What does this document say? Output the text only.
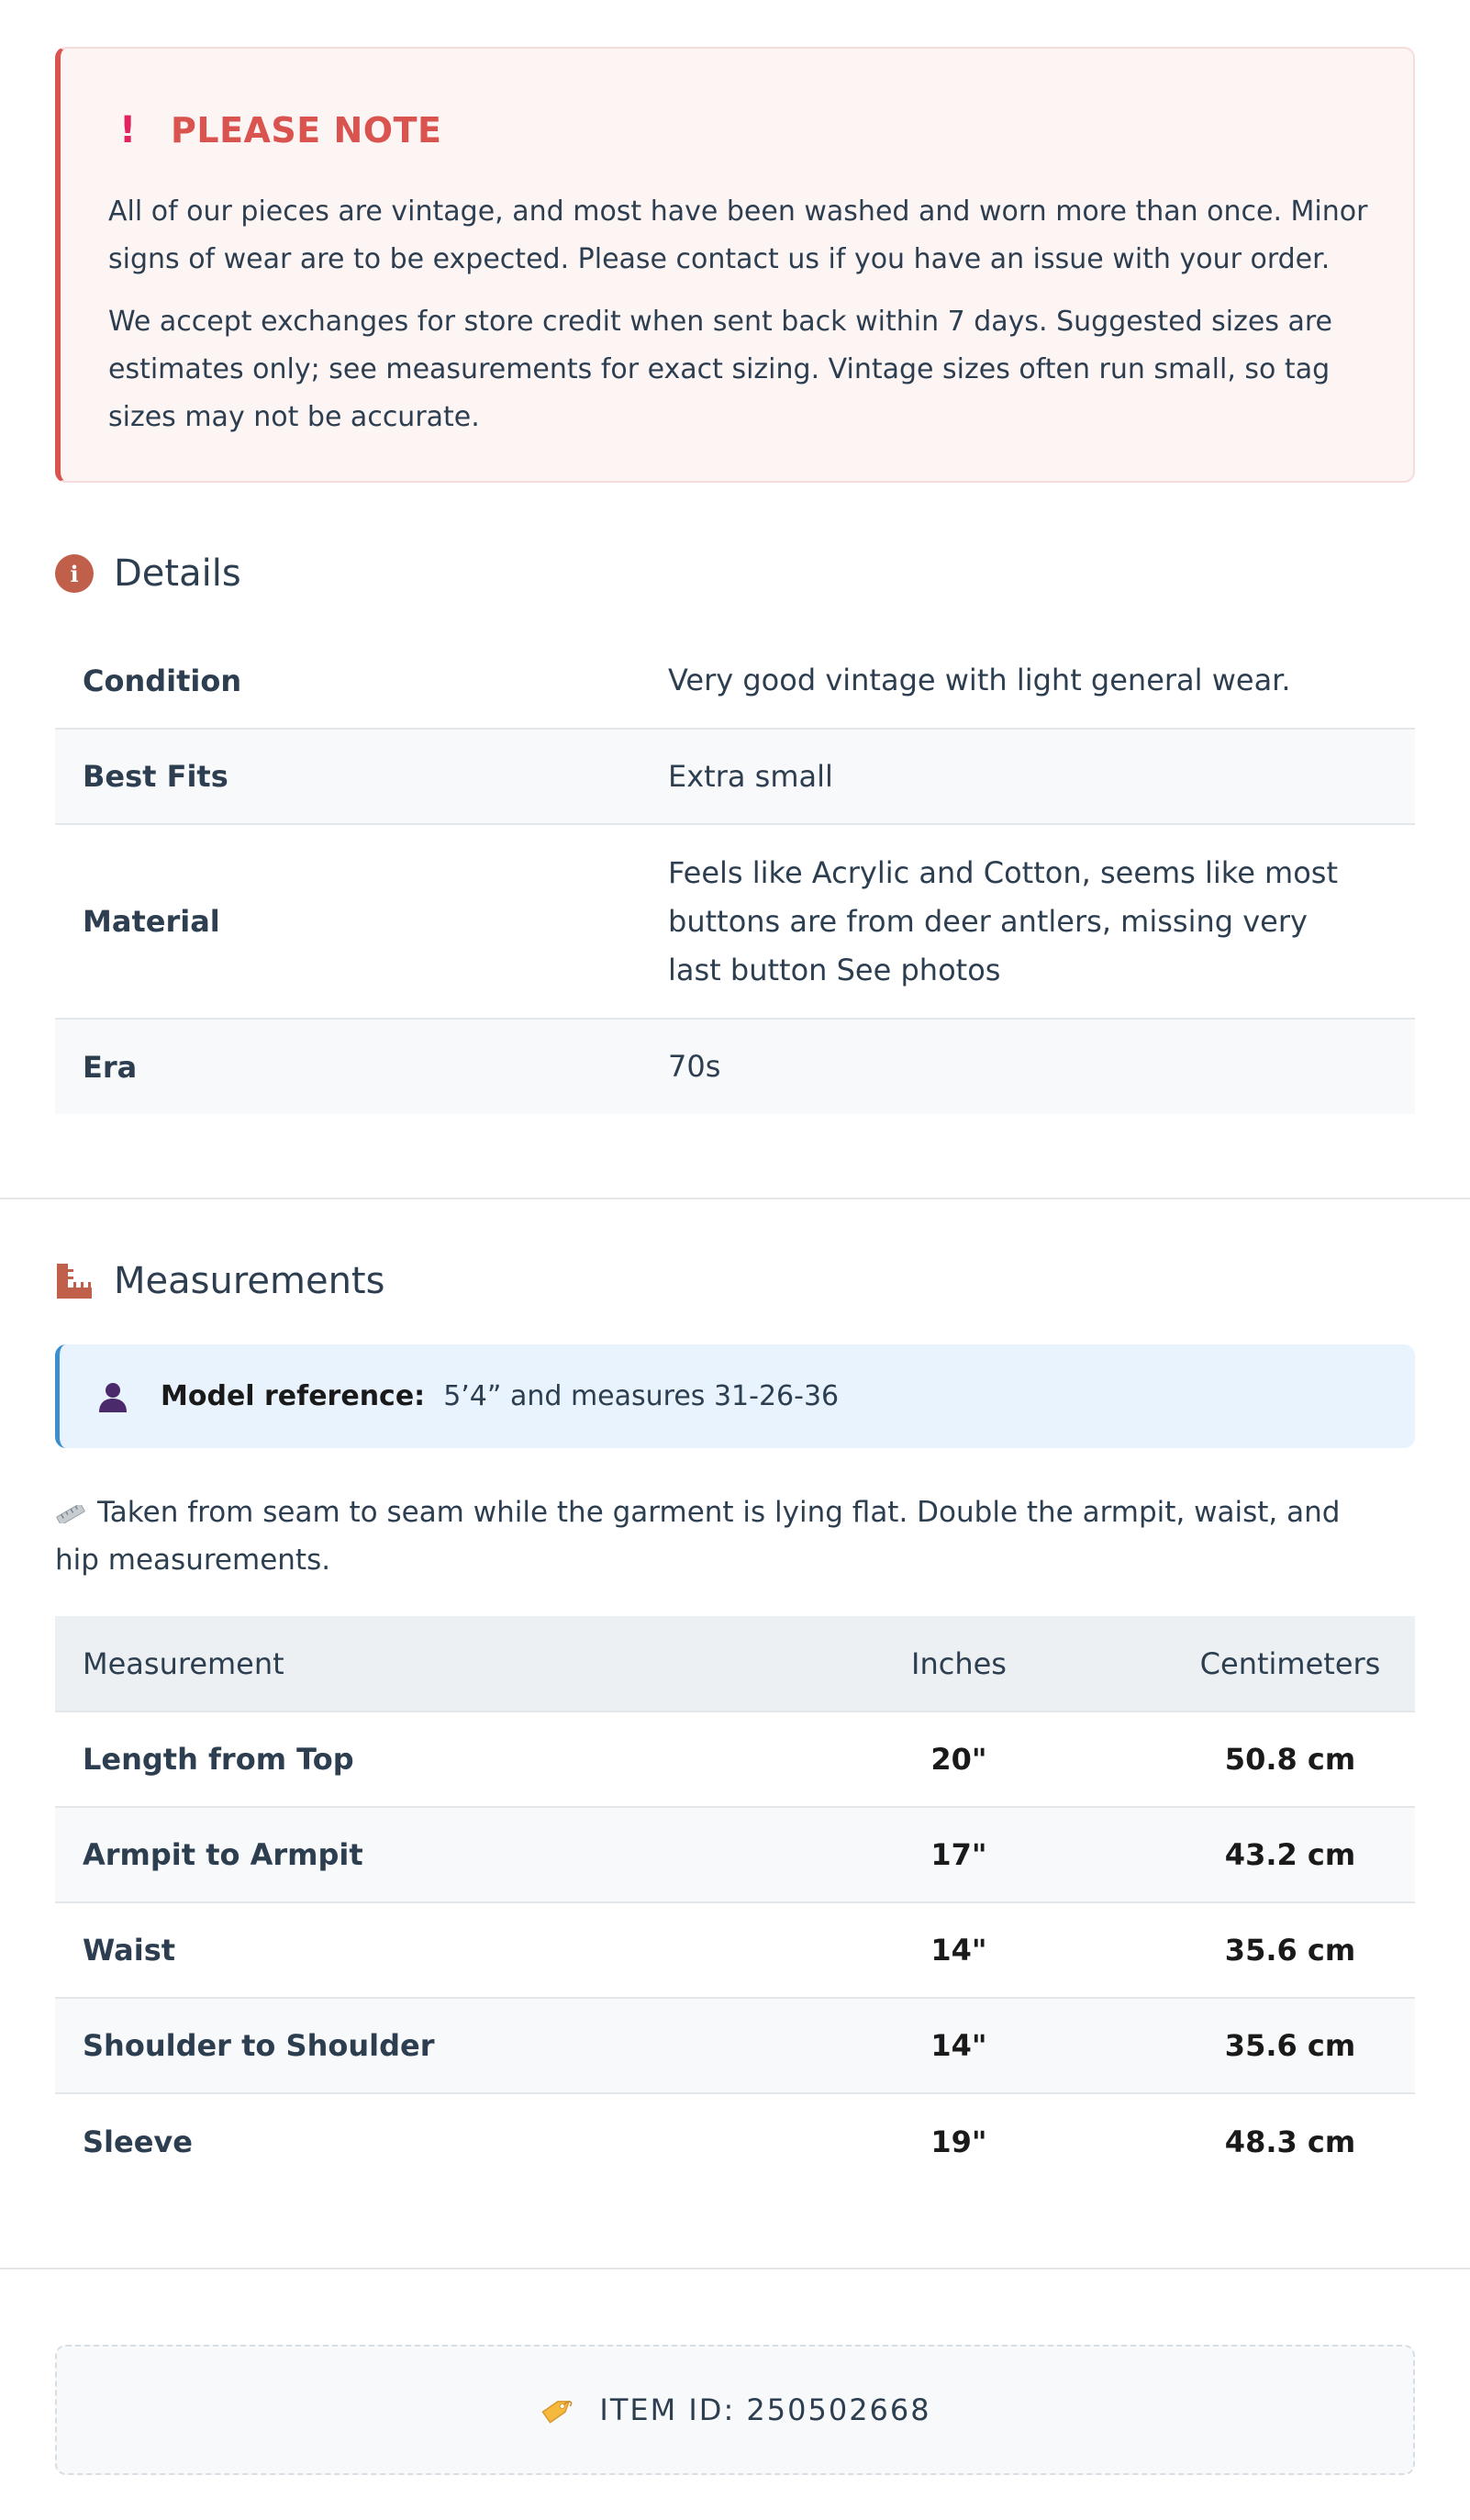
! PLEASE NOTE

All of our pieces are vintage, and most have been washed and worn more than once. Minor signs of wear are to be expected. Please contact us if you have an issue with your order.

We accept exchanges for store credit when sent back within 7 days. Suggested sizes are estimates only; see measurements for exact sizing. Vintage sizes often run small, so tag sizes may not be accurate.

i Details
Condition	Very good vintage with light general wear.
Best Fits	Extra small
Material	Feels like Acrylic and Cotton, seems like most buttons are from deer antlers, missing very last button See photos
Era	70s
Measurements
Model reference: 5’4” and measures 31-26-36

Taken from seam to seam while the garment is lying flat. Double the armpit, waist, and hip measurements.

Measurement	Inches	Centimeters
Length from Top	20"	50.8 cm
Armpit to Armpit	17"	43.2 cm
Waist	14"	35.6 cm
Shoulder to Shoulder	14"	35.6 cm
Sleeve	19"	48.3 cm
ITEM ID: 250502668
